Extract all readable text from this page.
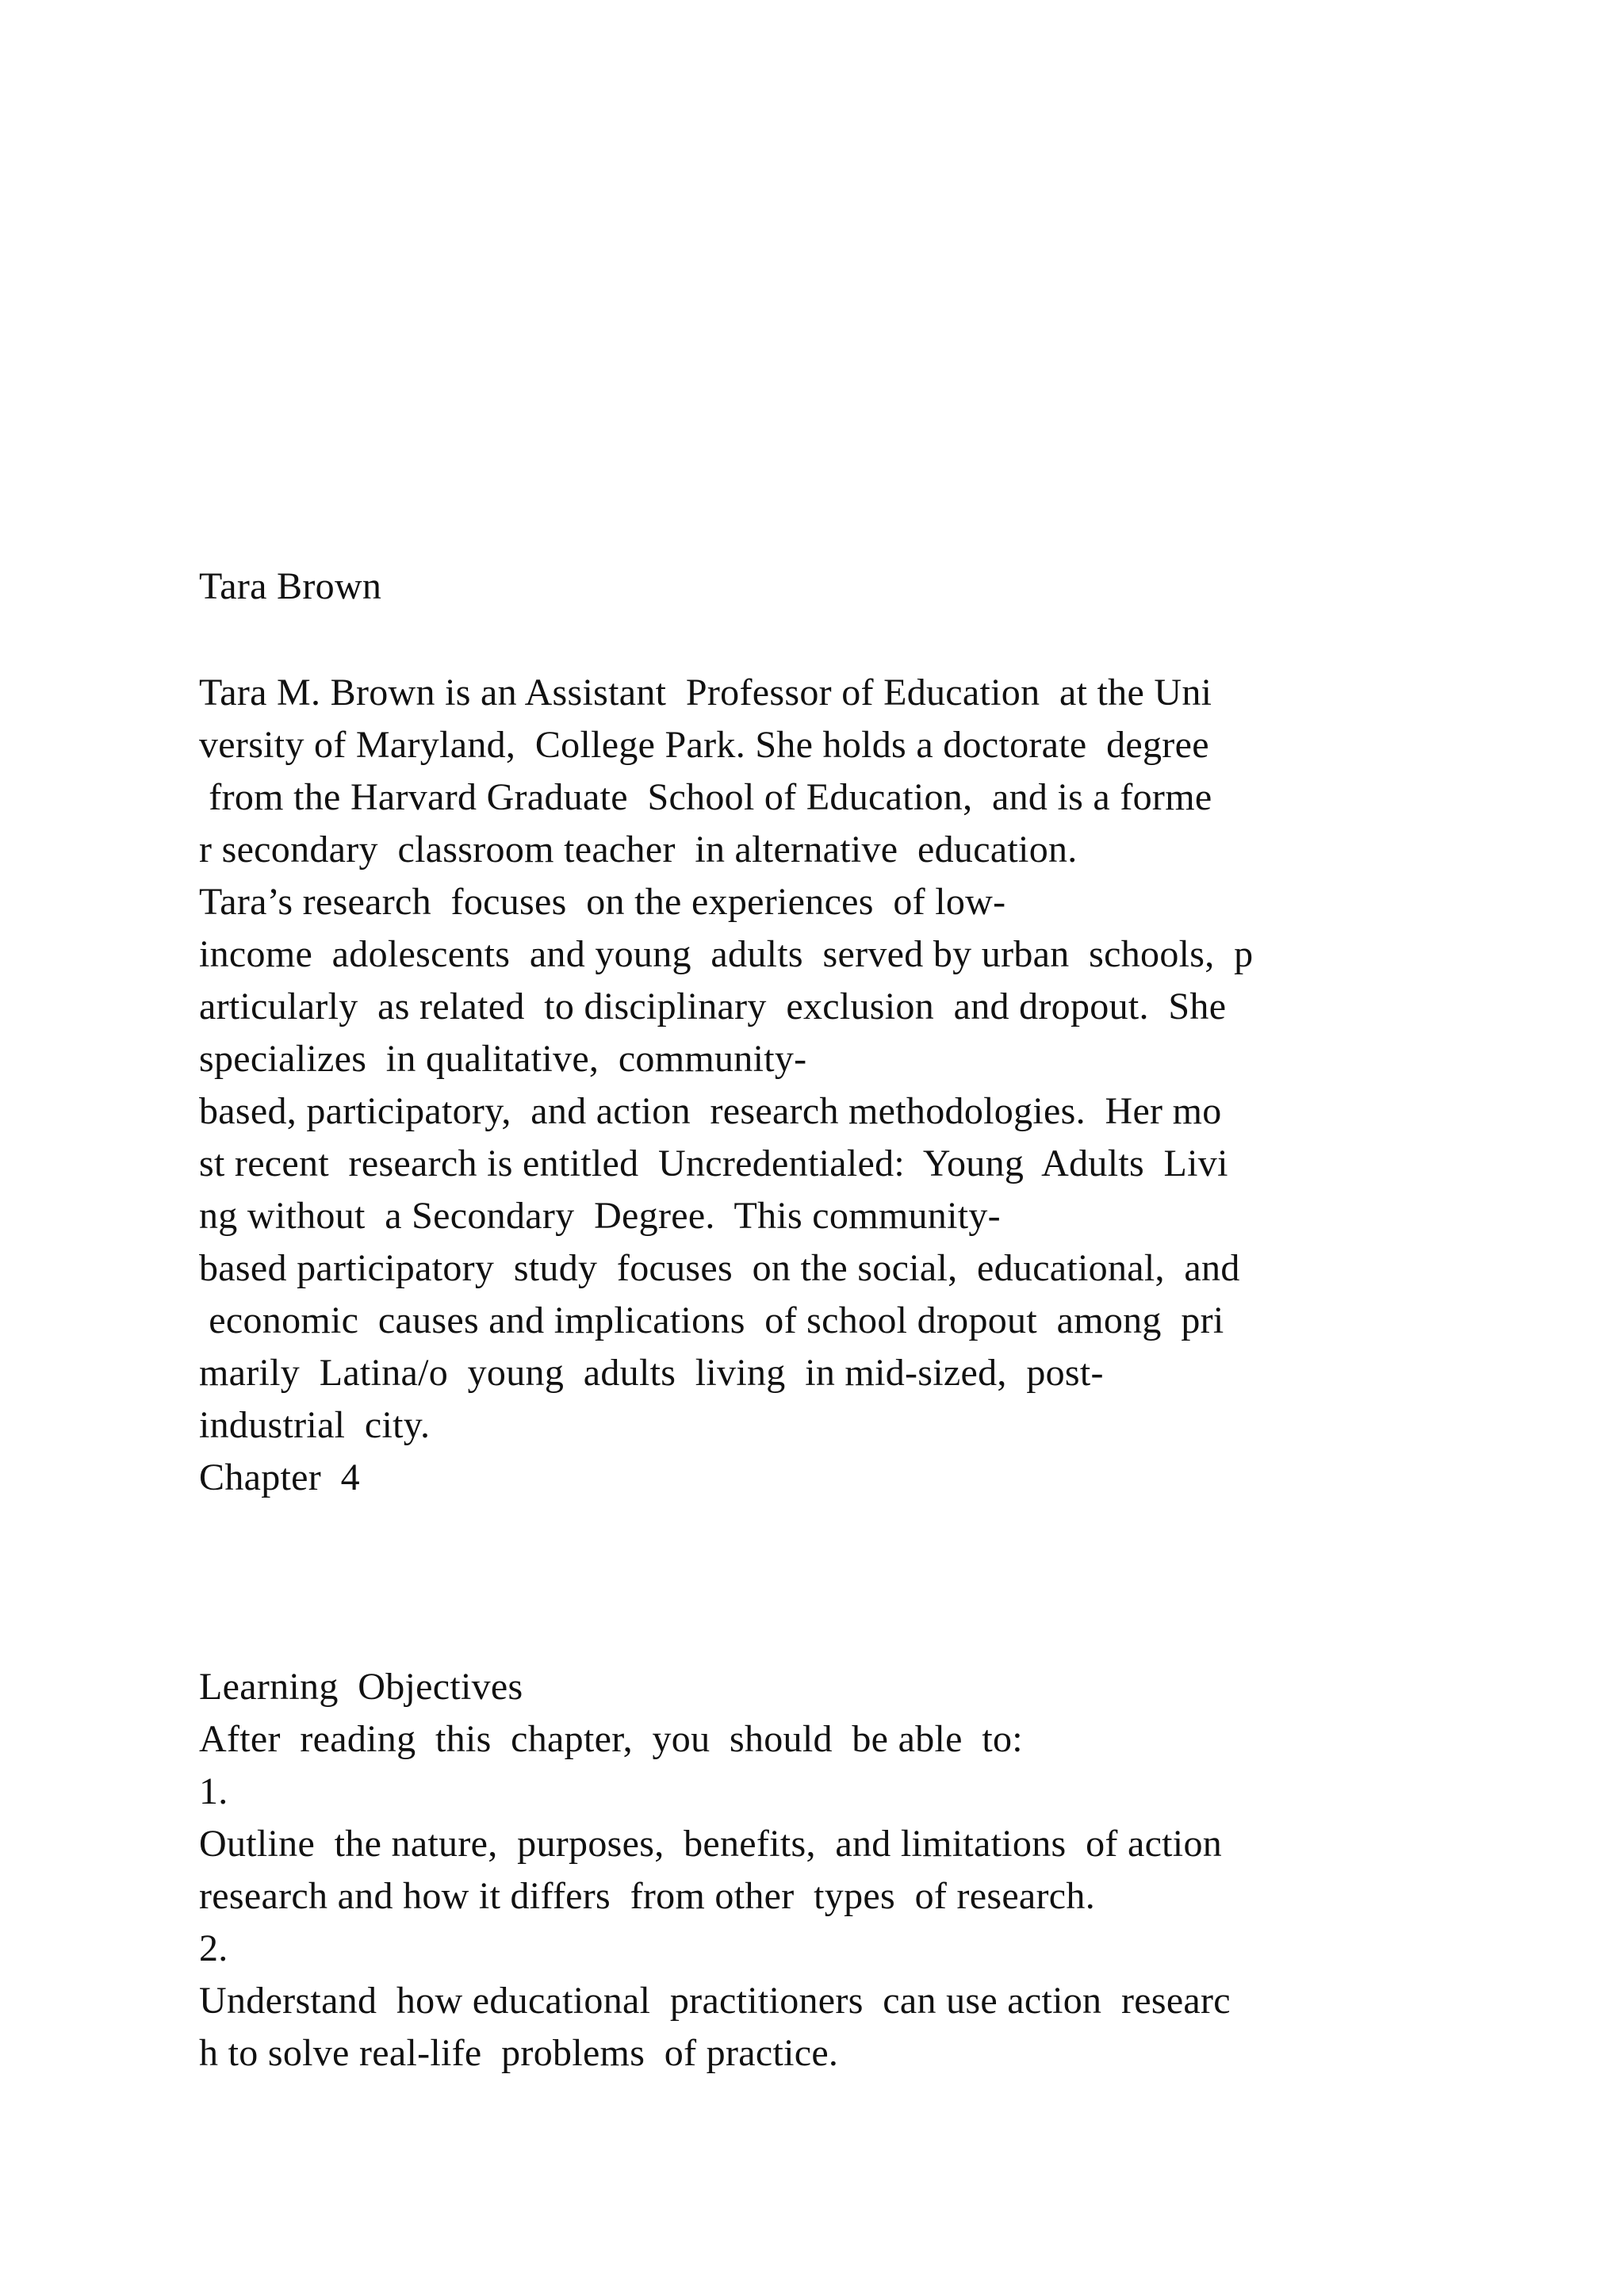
Tara Brown
Tara M. Brown is an Assistant  Professor of Education  at the Uni
versity of Maryland,  College Park. She holds a doctorate  degree
from the Harvard Graduate  School of Education,  and is a forme
r secondary  classroom teacher  in alternative  education.
Tara’s research  focuses  on the experiences  of low-
income  adolescents  and young  adults  served by urban  schools,  p
articularly  as related  to disciplinary  exclusion  and dropout.  She
specializes  in qualitative,  community-
based, participatory,  and action  research methodologies.  Her mo
st recent  research is entitled  Uncredentialed:  Young  Adults  Livi
ng without  a Secondary  Degree.  This community-
based participatory  study  focuses  on the social,  educational,  and
economic  causes and implications  of school dropout  among  pri
marily  Latina/o  young  adults  living  in mid-sized,  post-
industrial  city.
Chapter  4
Learning  Objectives
After  reading  this  chapter,  you  should  be able  to:
1.
Outline  the nature,  purposes,  benefits,  and limitations  of action
research and how it differs  from other  types  of research.
2.
Understand  how educational  practitioners  can use action  researc
h to solve real-life  problems  of practice.
